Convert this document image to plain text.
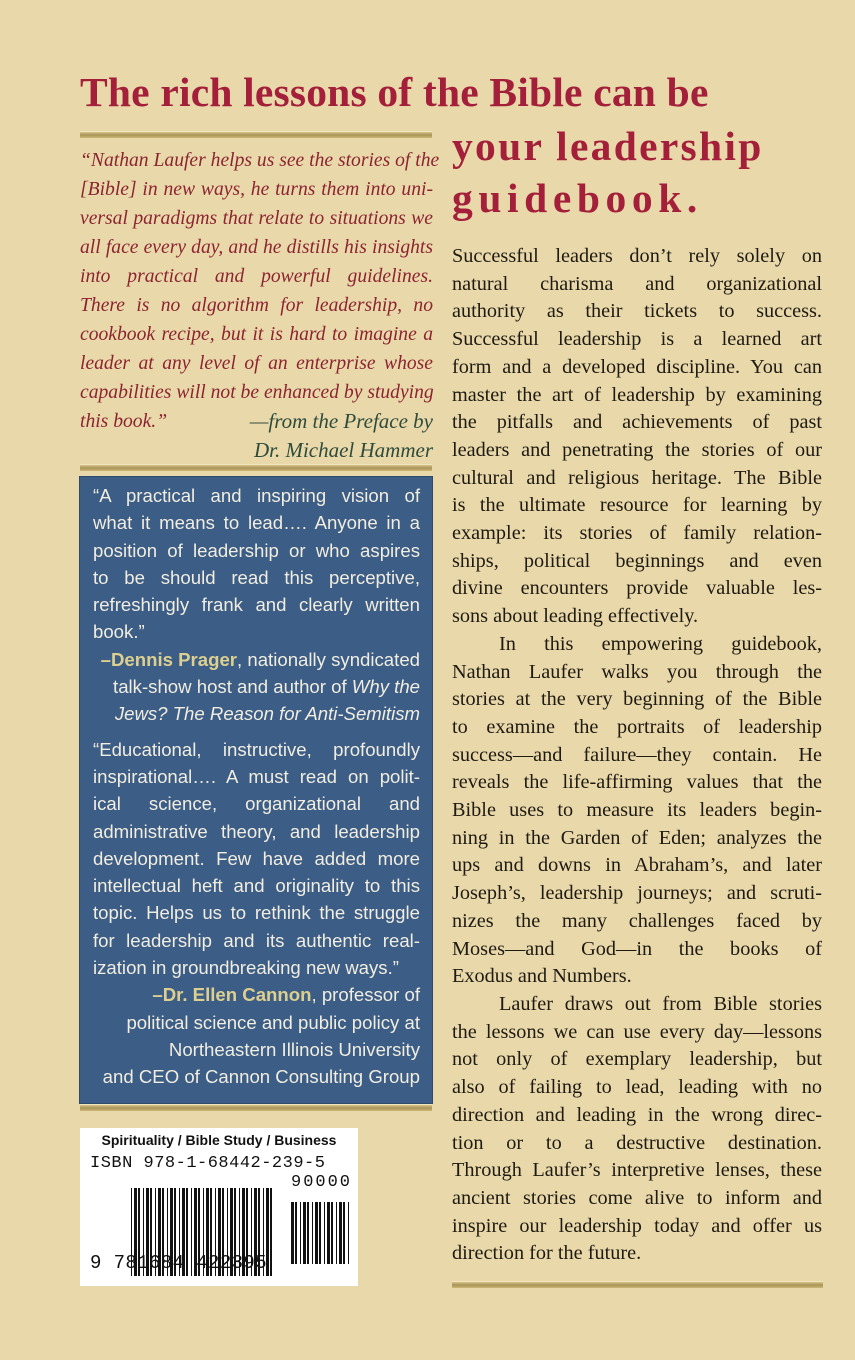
The rich lessons of the Bible can be
your leadership
guidebook.
“Nathan Laufer helps us see the stories of the
[Bible] in new ways, he turns them into uni-
versal paradigms that relate to situations we
all face every day, and he distills his insights
into practical and powerful guidelines.
There is no algorithm for leadership, no
cookbook recipe, but it is hard to imagine a
leader at any level of an enterprise whose
capabilities will not be enhanced by studying
this book.”	—from the Preface by
Dr. Michael Hammer
“A practical and inspiring vision of
what it means to lead…. Anyone in a
position of leadership or who aspires
to be should read this perceptive,
refreshingly frank and clearly written
book.”
–Dennis Prager, nationally syndicated
talk-show host and author of Why the
Jews? The Reason for Anti-Semitism
“Educational, instructive, profoundly
inspirational…. A must read on polit-
ical science, organizational and
administrative theory, and leadership
development. Few have added more
intellectual heft and originality to this
topic. Helps us to rethink the struggle
for leadership and its authentic real-
ization in groundbreaking new ways.”
–Dr. Ellen Cannon, professor of
political science and public policy at
Northeastern Illinois University
and CEO of Cannon Consulting Group
Successful leaders don’t rely solely on
natural charisma and organizational
authority as their tickets to success.
Successful leadership is a learned art
form and a developed discipline. You can
master the art of leadership by examining
the pitfalls and achievements of past
leaders and penetrating the stories of our
cultural and religious heritage. The Bible
is the ultimate resource for learning by
example: its stories of family relation-
ships, political beginnings and even
divine encounters provide valuable les-
sons about leading effectively.
In this empowering guidebook,
Nathan Laufer walks you through the
stories at the very beginning of the Bible
to examine the portraits of leadership
success—and failure—they contain. He
reveals the life-affirming values that the
Bible uses to measure its leaders begin-
ning in the Garden of Eden; analyzes the
ups and downs in Abraham’s, and later
Joseph’s, leadership journeys; and scruti-
nizes the many challenges faced by
Moses—and God—in the books of
Exodus and Numbers.
Laufer draws out from Bible stories
the lessons we can use every day—lessons
not only of exemplary leadership, but
also of failing to lead, leading with no
direction and leading in the wrong direc-
tion or to a destructive destination.
Through Laufer’s interpretive lenses, these
ancient stories come alive to inform and
inspire our leadership today and offer us
direction for the future.
Spirituality / Bible Study / Business
ISBN 978-1-68442-239-5
90000
9 781684 422395
